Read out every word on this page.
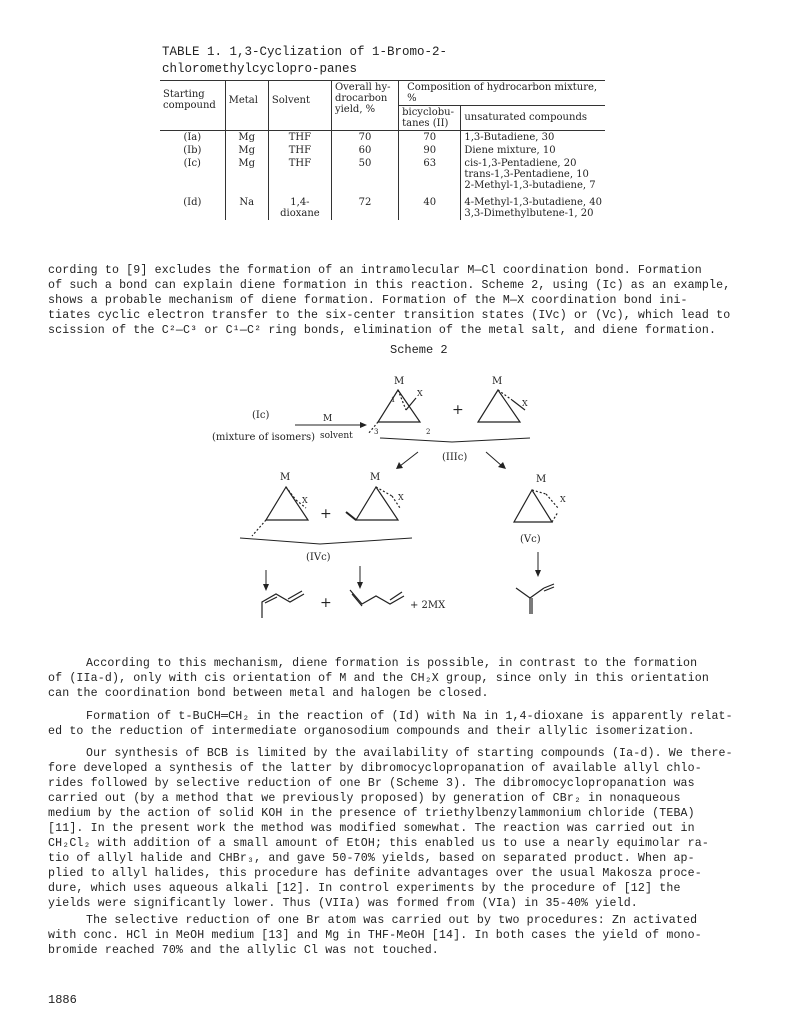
TABLE 1. 1,3-Cyclization of 1-Bromo-2-chloromethylcyclopro-panes
Starting compound	Metal	Solvent	Overall hy-drocarbon yield, %	Composition of hydrocarbon mixture, %	
				bicyclobu-tanes (II)	unsaturated compounds
(Ia)	Mg	THF	70	70	1,3-Butadiene, 30

(Ib)	Mg	THF	60	90	Diene mixture, 10

(Ic)	Mg	THF	50	63	cis-1,3-Pentadiene, 20
trans-1,3-Pentadiene, 10
2-Methyl-1,3-butadiene, 7

(Id)	Na	1,4-dioxane	72	40	4-Methyl-1,3-butadiene, 40
3,3-Dimethylbutene-1, 20
cording to [9] excludes the formation of an intramolecular M—Cl coordination bond. Formation
of such a bond can explain diene formation in this reaction. Scheme 2, using (Ic) as an example,
shows a probable mechanism of diene formation. Formation of the M—X coordination bond ini-
tiates cyclic electron transfer to the six-center transition states (IVc) or (Vc), which lead to
scission of the C²—C³ or C¹—C² ring bonds, elimination of the metal salt, and diene formation.
Scheme 2
(Ic)
(mixture of isomers)
M
solvent
M
X
1
3	2
+
M
X
(IIIc)
M
X
+
M
X
(IVc)
M
X
(Vc)
+	+ 2MX
According to this mechanism, diene formation is possible, in contrast to the formation
of (IIa-d), only with cis orientation of M and the CH₂X group, since only in this orientation
can the coordination bond between metal and halogen be closed.
Formation of t-BuCH═CH₂ in the reaction of (Id) with Na in 1,4-dioxane is apparently relat-
ed to the reduction of intermediate organosodium compounds and their allylic isomerization.
Our synthesis of BCB is limited by the availability of starting compounds (Ia-d). We there-
fore developed a synthesis of the latter by dibromocyclopropanation of available allyl chlo-
rides followed by selective reduction of one Br (Scheme 3). The dibromocyclopropanation was
carried out (by a method that we previously proposed) by generation of CBr₂ in nonaqueous
medium by the action of solid KOH in the presence of triethylbenzylammonium chloride (TEBA)
[11]. In the present work the method was modified somewhat. The reaction was carried out in
CH₂Cl₂ with addition of a small amount of EtOH; this enabled us to use a nearly equimolar ra-
tio of allyl halide and CHBr₃, and gave 50-70% yields, based on separated product. When ap-
plied to allyl halides, this procedure has definite advantages over the usual Makosza proce-
dure, which uses aqueous alkali [12]. In control experiments by the procedure of [12] the
yields were significantly lower. Thus (VIIa) was formed from (VIa) in 35-40% yield.
The selective reduction of one Br atom was carried out by two procedures: Zn activated
with conc. HCl in MeOH medium [13] and Mg in THF-MeOH [14]. In both cases the yield of mono-
bromide reached 70% and the allylic Cl was not touched.
1886
